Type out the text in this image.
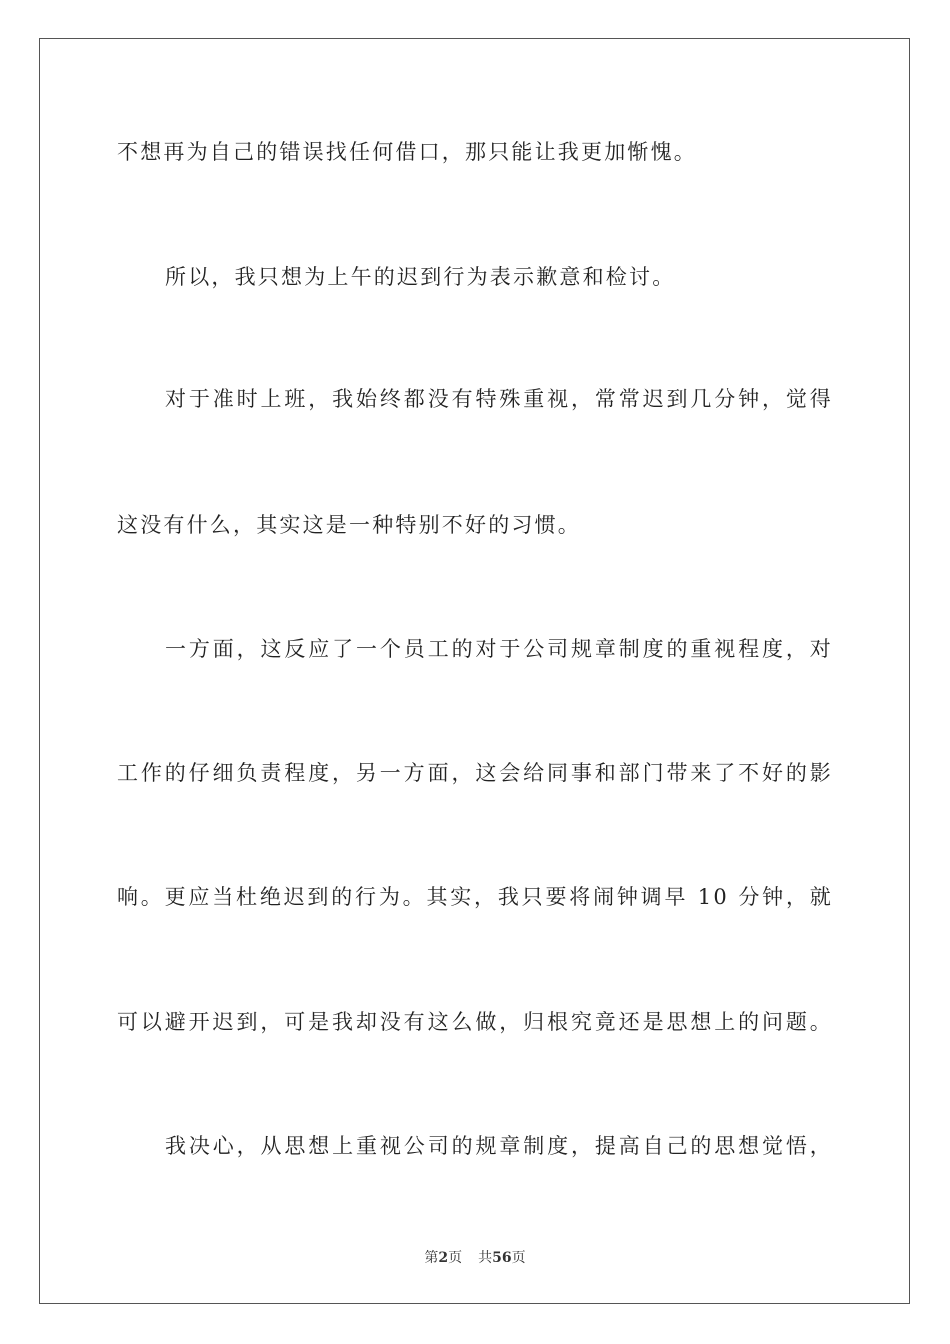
不想再为自己的错误找任何借口，那只能让我更加惭愧。
所以，我只想为上午的迟到行为表示歉意和检讨。
对于准时上班，我始终都没有特殊重视，常常迟到几分钟，觉得
这没有什么，其实这是一种特别不好的习惯。
一方面，这反应了一个员工的对于公司规章制度的重视程度，对
工作的仔细负责程度，另一方面，这会给同事和部门带来了不好的影
响。更应当杜绝迟到的行为。其实，我只要将闹钟调早 10 分钟，就
可以避开迟到，可是我却没有这么做，归根究竟还是思想上的问题。
我决心，从思想上重视公司的规章制度，提高自己的思想觉悟，
第2页 共56页
